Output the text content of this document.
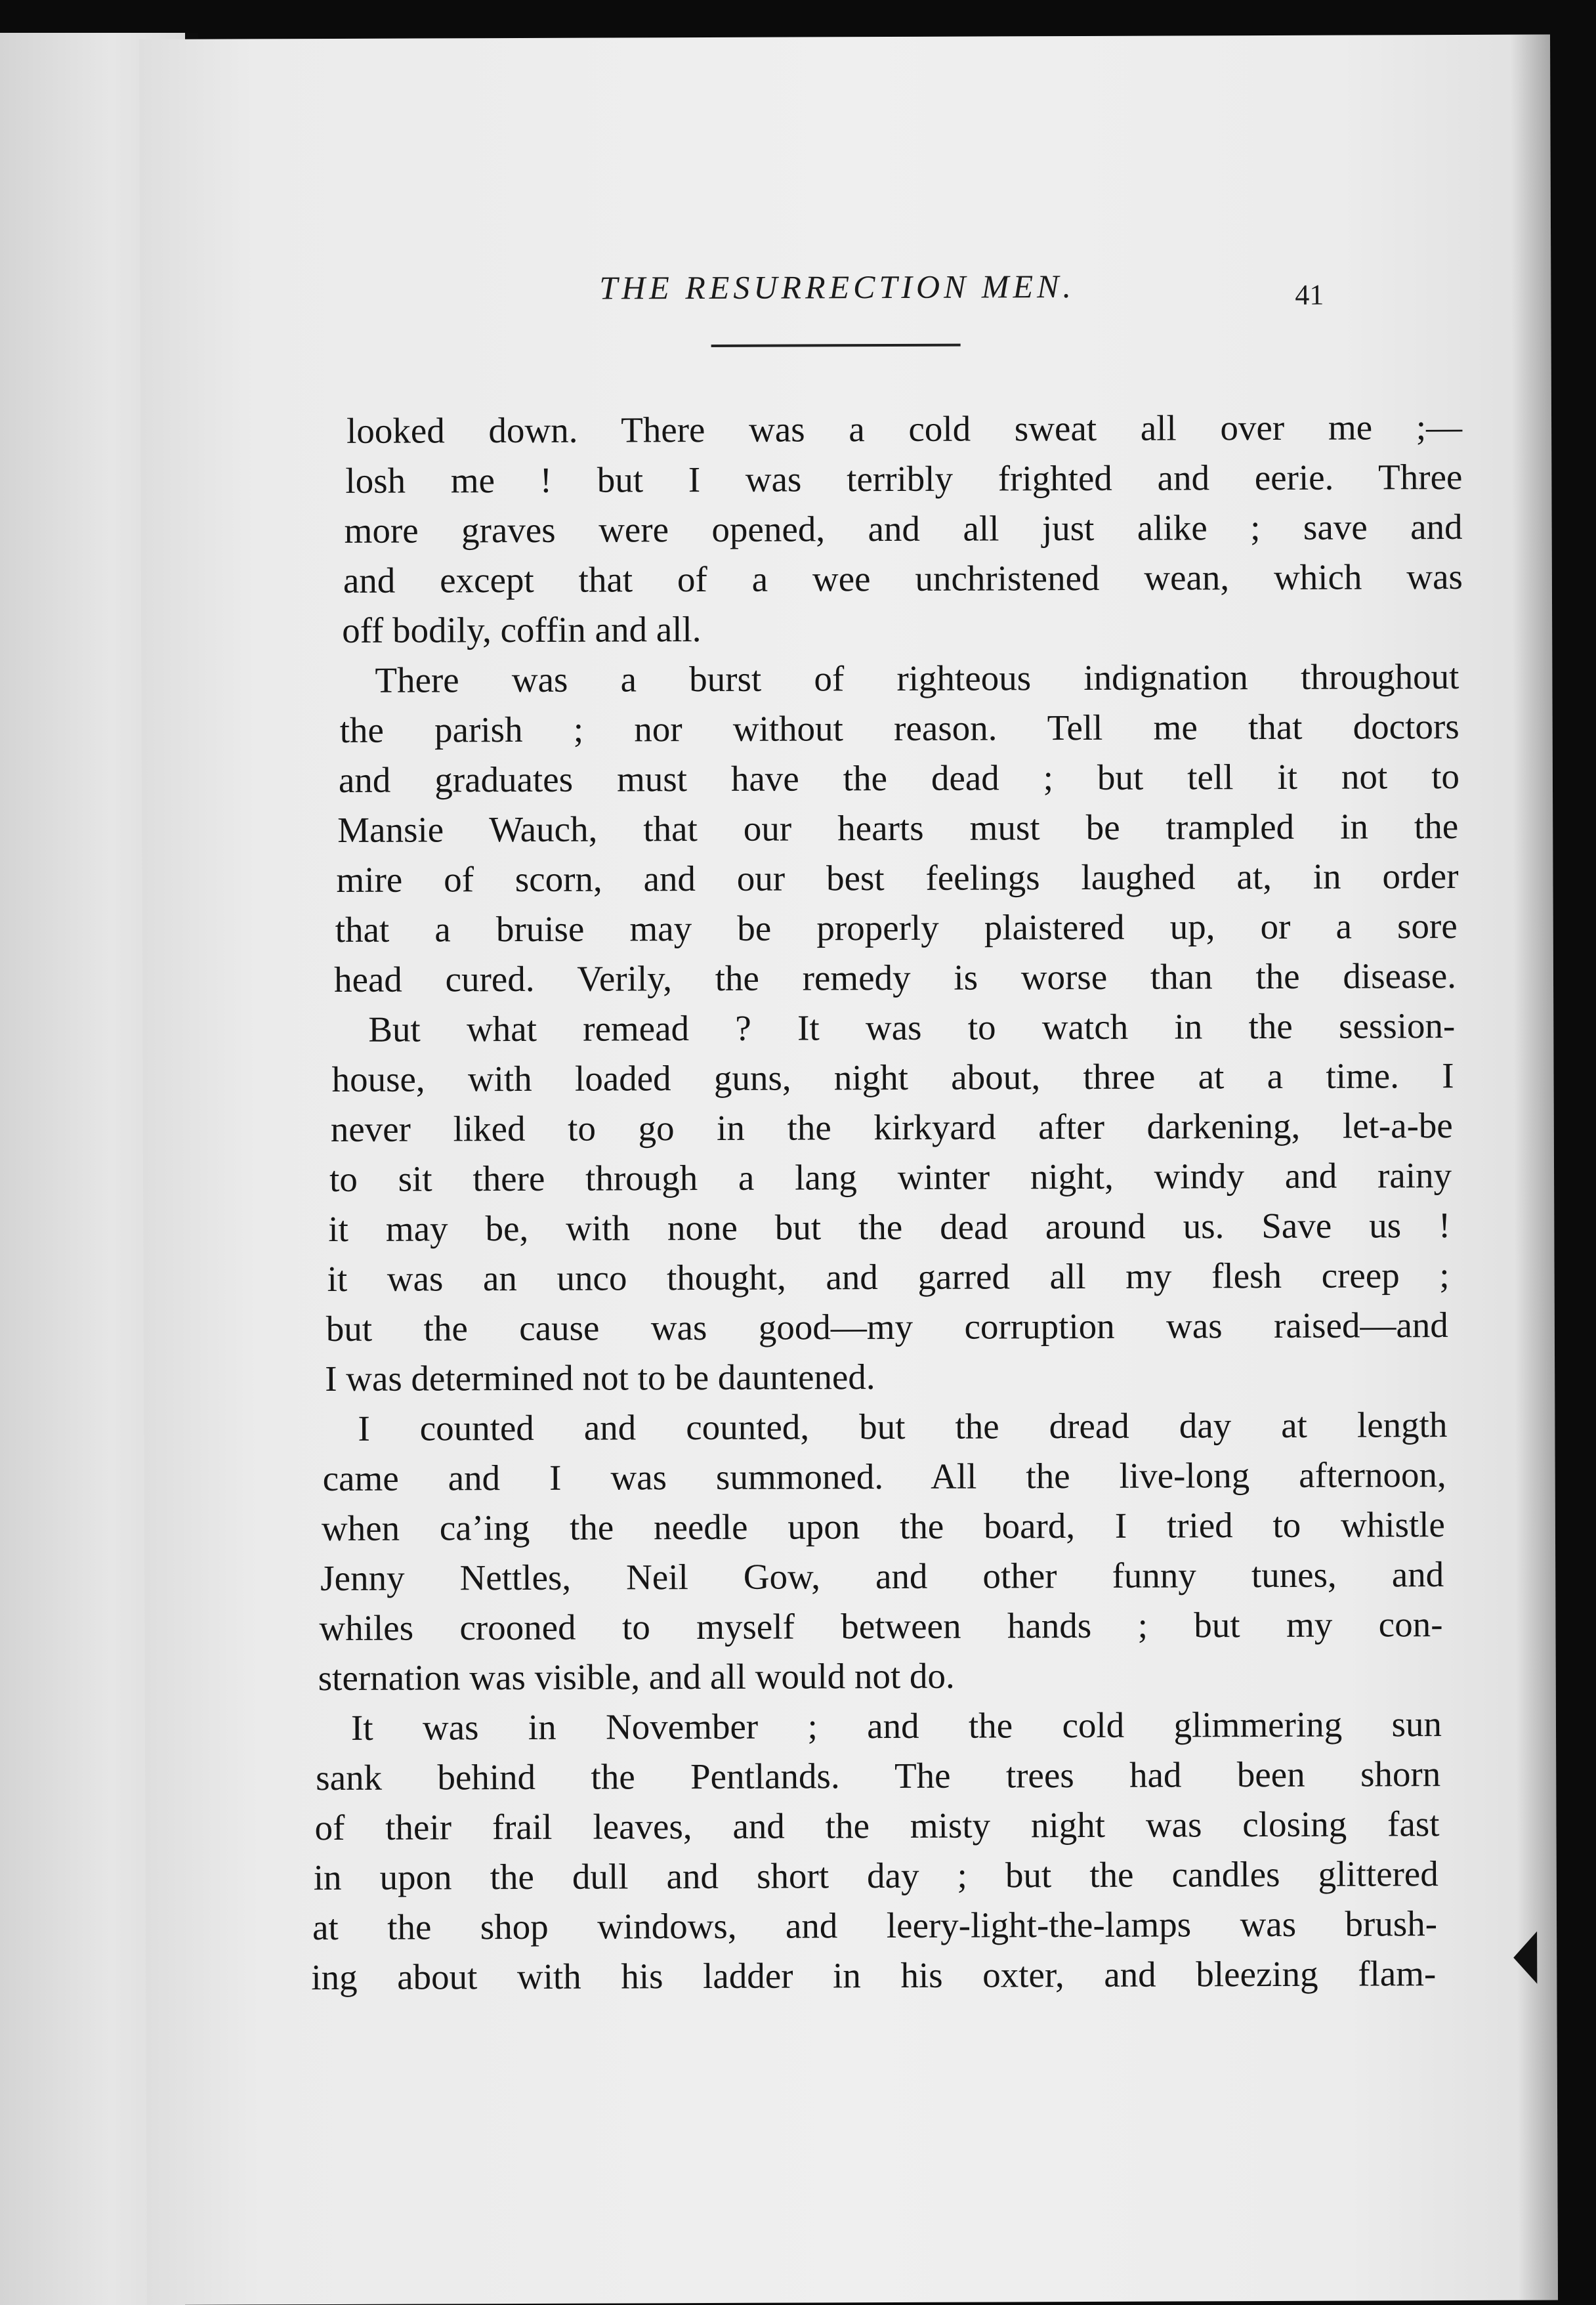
THE RESURRECTION MEN.	41
looked down. There was a cold sweat all over me ;—
losh me ! but I was terribly frighted and eerie. Three
more graves were opened, and all just alike ; save and
and except that of a wee unchristened wean, which was
off bodily, coffin and all.
There was a burst of righteous indignation throughout
the parish ; nor without reason. Tell me that doctors
and graduates must have the dead ; but tell it not to
Mansie Wauch, that our hearts must be trampled in the
mire of scorn, and our best feelings laughed at, in order
that a bruise may be properly plaistered up, or a sore
head cured. Verily, the remedy is worse than the disease.
But what remead ? It was to watch in the session-
house, with loaded guns, night about, three at a time. I
never liked to go in the kirkyard after darkening, let-a-be
to sit there through a lang winter night, windy and rainy
it may be, with none but the dead around us. Save us !
it was an unco thought, and garred all my flesh creep ;
but the cause was good—my corruption was raised—and
I was determined not to be dauntened.
I counted and counted, but the dread day at length
came and I was summoned. All the live-long afternoon,
when ca’ing the needle upon the board, I tried to whistle
Jenny Nettles, Neil Gow, and other funny tunes, and
whiles crooned to myself between hands ; but my con-
sternation was visible, and all would not do.
It was in November ; and the cold glimmering sun
sank behind the Pentlands. The trees had been shorn
of their frail leaves, and the misty night was closing fast
in upon the dull and short day ; but the candles glittered
at the shop windows, and leery-light-the-lamps was brush-
ing about with his ladder in his oxter, and bleezing flam-
